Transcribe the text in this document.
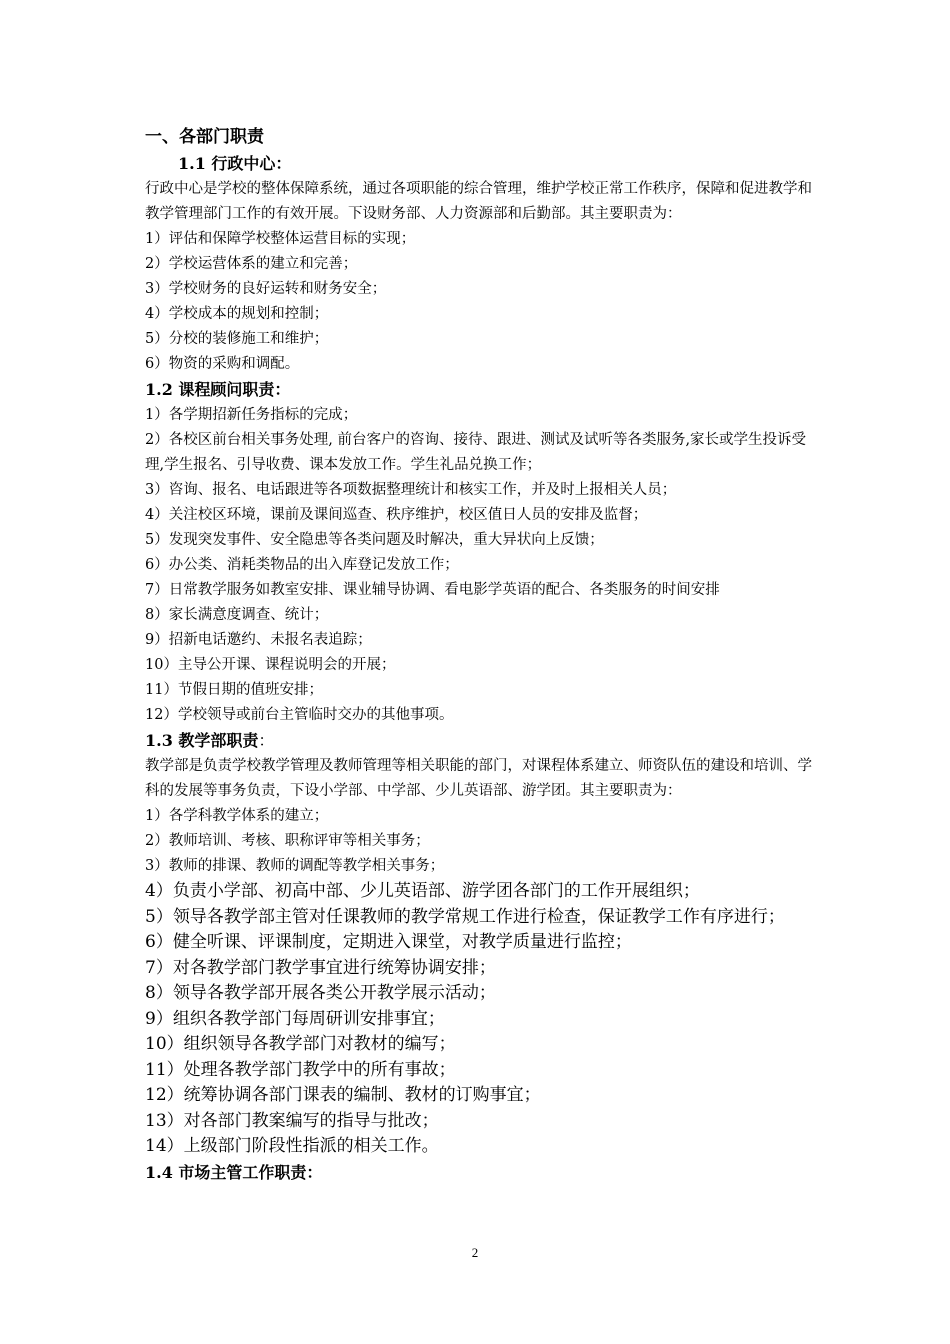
一、各部门职责
1.1 行政中心：
行政中心是学校的整体保障系统，通过各项职能的综合管理，维护学校正常工作秩序，保障和促进教学和教学管理部门工作的有效开展。下设财务部、人力资源部和后勤部。其主要职责为：
1）评估和保障学校整体运营目标的实现；
2）学校运营体系的建立和完善；
3）学校财务的良好运转和财务安全；
4）学校成本的规划和控制；
5）分校的装修施工和维护；
6）物资的采购和调配。
1.2 课程顾问职责：
1）各学期招新任务指标的完成；
2）各校区前台相关事务处理, 前台客户的咨询、接待、跟进、测试及试听等各类服务,家长或学生投诉受理,学生报名、引导收费、课本发放工作。学生礼品兑换工作；
3）咨询、报名、电话跟进等各项数据整理统计和核实工作，并及时上报相关人员；
4）关注校区环境，课前及课间巡查、秩序维护，校区值日人员的安排及监督；
5）发现突发事件、安全隐患等各类问题及时解决，重大异状向上反馈；
6）办公类、消耗类物品的出入库登记发放工作；
7）日常教学服务如教室安排、课业辅导协调、看电影学英语的配合、各类服务的时间安排
8）家长满意度调查、统计；
9）招新电话邀约、未报名表追踪；
10）主导公开课、课程说明会的开展；
11）节假日期的值班安排；
12）学校领导或前台主管临时交办的其他事项。
1.3 教学部职责：
教学部是负责学校教学管理及教师管理等相关职能的部门，对课程体系建立、师资队伍的建设和培训、学科的发展等事务负责，下设小学部、中学部、少儿英语部、游学团。其主要职责为：
1）各学科教学体系的建立；
2）教师培训、考核、职称评审等相关事务；
3）教师的排课、教师的调配等教学相关事务；
4）负责小学部、初高中部、少儿英语部、游学团各部门的工作开展组织；
5）领导各教学部主管对任课教师的教学常规工作进行检查，保证教学工作有序进行；
6）健全听课、评课制度，定期进入课堂，对教学质量进行监控；
7）对各教学部门教学事宜进行统筹协调安排；
8）领导各教学部开展各类公开教学展示活动；
9）组织各教学部门每周研训安排事宜；
10）组织领导各教学部门对教材的编写；
11）处理各教学部门教学中的所有事故；
12）统筹协调各部门课表的编制、教材的订购事宜；
13）对各部门教案编写的指导与批改；
14）上级部门阶段性指派的相关工作。
1.4 市场主管工作职责：
2
